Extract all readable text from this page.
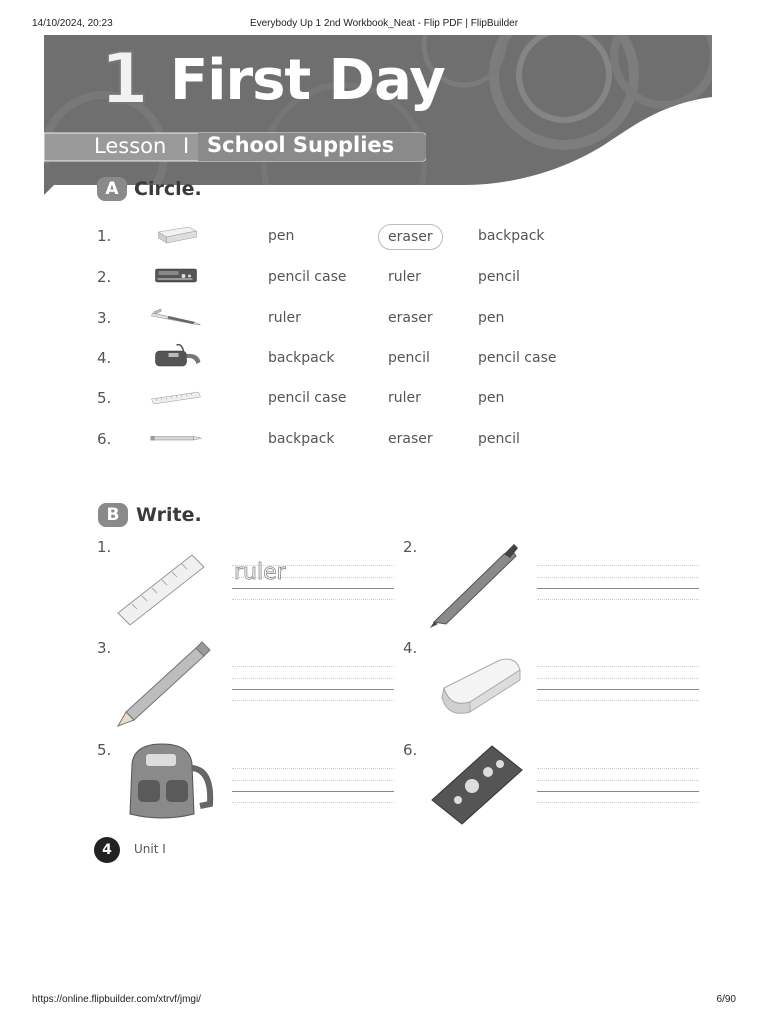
14/10/2024, 20:23	Everybody Up 1 2nd Workbook_Neat - Flip PDF | FlipBuilder
1 First Day
Lesson I School Supplies
A Circle.
1.	pen	eraser	backpack
2.	pencil case	ruler	pencil
3.	ruler	eraser	pen
4.	backpack	pencil	pencil case
5.	pencil case	ruler	pen
6.	backpack	eraser	pencil
B Write.
1.
ruler
2.
3.	4.
5.	6.
4	Unit I
https://online.flipbuilder.com/xtrvf/jmgi/	6/90
